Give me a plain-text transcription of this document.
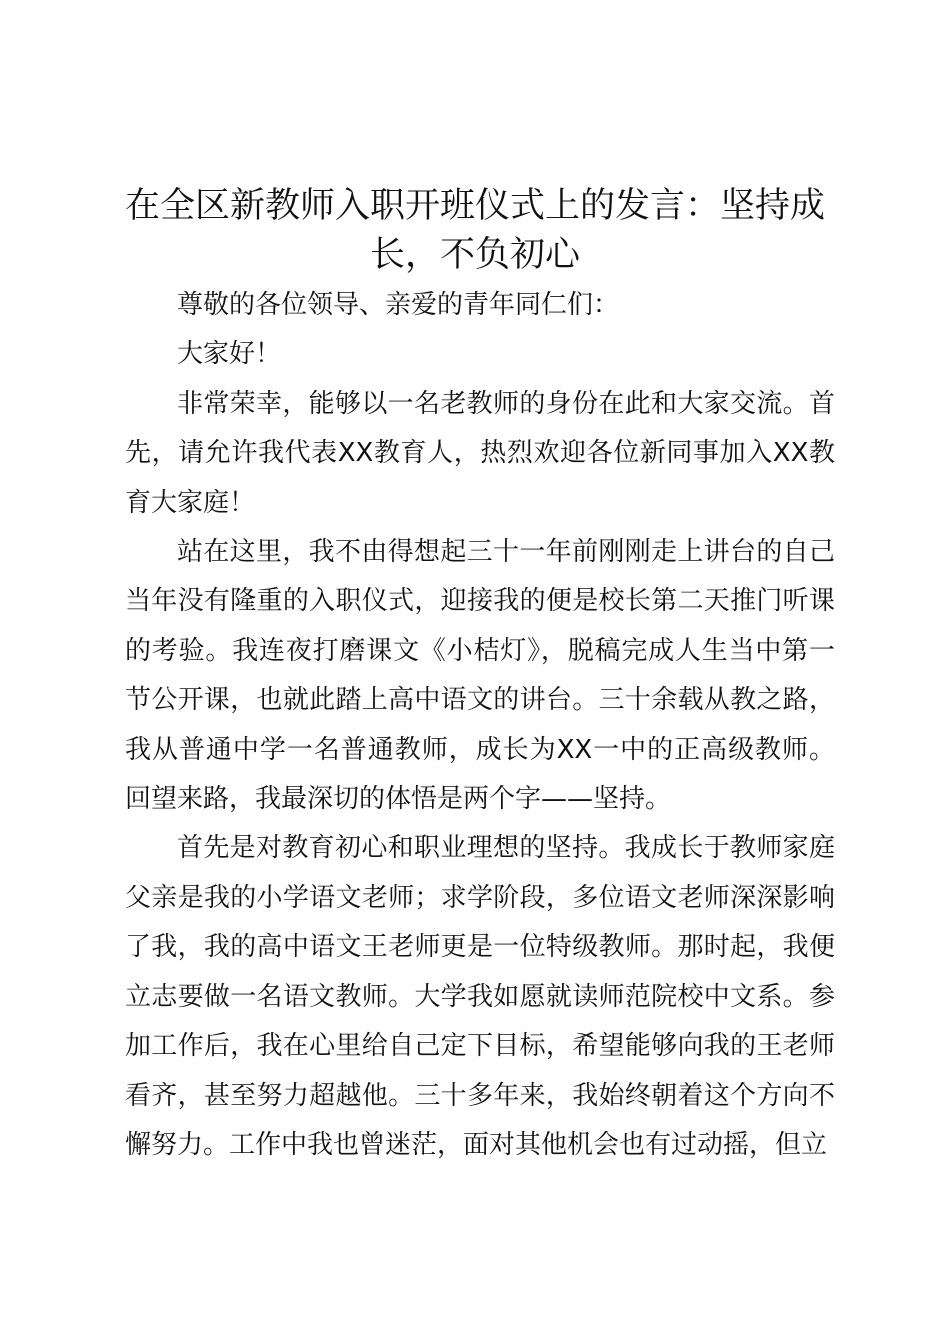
在全区新教师入职开班仪式上的发言：坚持成长，不负初心

尊敬的各位领导、亲爱的青年同仁们：

大家好！

非常荣幸，能够以一名老教师的身份在此和大家交流。首先，请允许我代表XX教育人，热烈欢迎各位新同事加入XX教育大家庭！

站在这里，我不由得想起三十一年前刚刚走上讲台的自己当年没有隆重的入职仪式，迎接我的便是校长第二天推门听课的考验。我连夜打磨课文《小桔灯》，脱稿完成人生当中第一节公开课，也就此踏上高中语文的讲台。三十余载从教之路，我从普通中学一名普通教师，成长为XX一中的正高级教师。回望来路，我最深切的体悟是两个字——坚持。

首先是对教育初心和职业理想的坚持。我成长于教师家庭父亲是我的小学语文老师；求学阶段，多位语文老师深深影响了我，我的高中语文王老师更是一位特级教师。那时起，我便立志要做一名语文教师。大学我如愿就读师范院校中文系。参加工作后，我在心里给自己定下目标，希望能够向我的王老师看齐，甚至努力超越他。三十多年来，我始终朝着这个方向不懈努力。工作中我也曾迷茫，面对其他机会也有过动摇，但立
